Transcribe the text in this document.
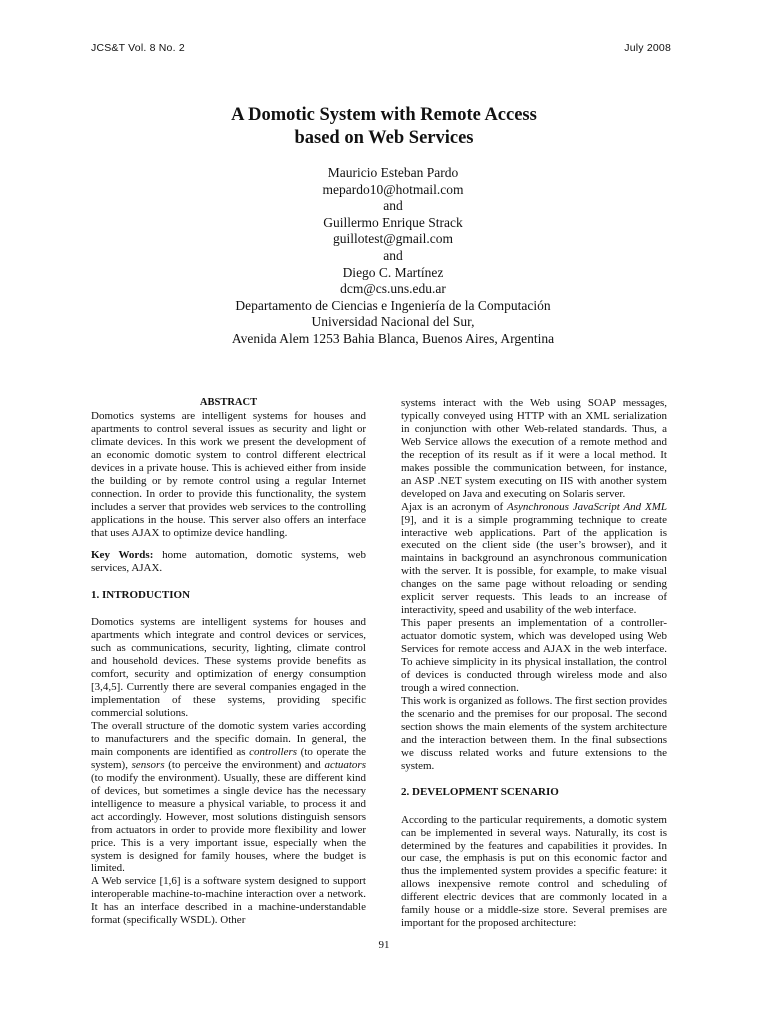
JCS&T Vol. 8 No. 2	July 2008
A Domotic System with Remote Access
based on Web Services
Mauricio Esteban Pardo
mepardo10@hotmail.com
and
Guillermo Enrique Strack
guillotest@gmail.com
and
Diego C. Martínez
dcm@cs.uns.edu.ar
Departamento de Ciencias e Ingeniería de la Computación
Universidad Nacional del Sur,
Avenida Alem 1253 Bahia Blanca, Buenos Aires, Argentina
ABSTRACT

Domotics systems are intelligent systems for houses and apartments to control several issues as security and light or climate devices. In this work we present the development of an economic domotic system to control different electrical devices in a private house. This is achieved either from inside the building or by remote control using a regular Internet connection. In order to provide this functionality, the system includes a server that provides web services to the controlling applications in the house. This server also offers an interface that uses AJAX to optimize device handling.

Key Words: home automation, domotic systems, web services, AJAX.

1. INTRODUCTION

Domotics systems are intelligent systems for houses and apartments which integrate and control devices or services, such as communications, security, lighting, climate control and household devices. These systems provide benefits as comfort, security and optimization of energy consumption [3,4,5]. Currently there are several companies engaged in the implementation of these systems, providing specific commercial solutions.

The overall structure of the domotic system varies according to manufacturers and the specific domain. In general, the main components are identified as controllers (to operate the system), sensors (to perceive the environment) and actuators (to modify the environment). Usually, these are different kind of devices, but sometimes a single device has the necessary intelligence to measure a physical variable, to process it and act accordingly. However, most solutions distinguish sensors from actuators in order to provide more flexibility and lower price. This is a very important issue, especially when the system is designed for family houses, where the budget is limited.

A Web service [1,6] is a software system designed to support interoperable machine-to-machine interaction over a network. It has an interface described in a machine-understandable format (specifically WSDL). Other

systems interact with the Web using SOAP messages, typically conveyed using HTTP with an XML serialization in conjunction with other Web-related standards. Thus, a Web Service allows the execution of a remote method and the reception of its result as if it were a local method. It makes possible the communication between, for instance, an ASP .NET system executing on IIS with another system developed on Java and executing on Solaris server.

Ajax is an acronym of Asynchronous JavaScript And XML [9], and it is a simple programming technique to create interactive web applications. Part of the application is executed on the client side (the user’s browser), and it maintains in background an asynchronous communication with the server. It is possible, for example, to make visual changes on the same page without reloading or sending explicit server requests. This leads to an increase of interactivity, speed and usability of the web interface.

This paper presents an implementation of a controller-actuator domotic system, which was developed using Web Services for remote access and AJAX in the web interface. To achieve simplicity in its physical installation, the control of devices is conducted through wireless mode and also trough a wired connection.

This work is organized as follows. The first section provides the scenario and the premises for our proposal. The second section shows the main elements of the system architecture and the interaction between them. In the final subsections we discuss related works and future extensions to the system.

2. DEVELOPMENT SCENARIO

According to the particular requirements, a domotic system can be implemented in several ways. Naturally, its cost is determined by the features and capabilities it provides. In our case, the emphasis is put on this economic factor and thus the implemented system provides a specific feature: it allows inexpensive remote control and scheduling of different electric devices that are commonly located in a family house or a middle-size store. Several premises are important for the proposed architecture:

91
